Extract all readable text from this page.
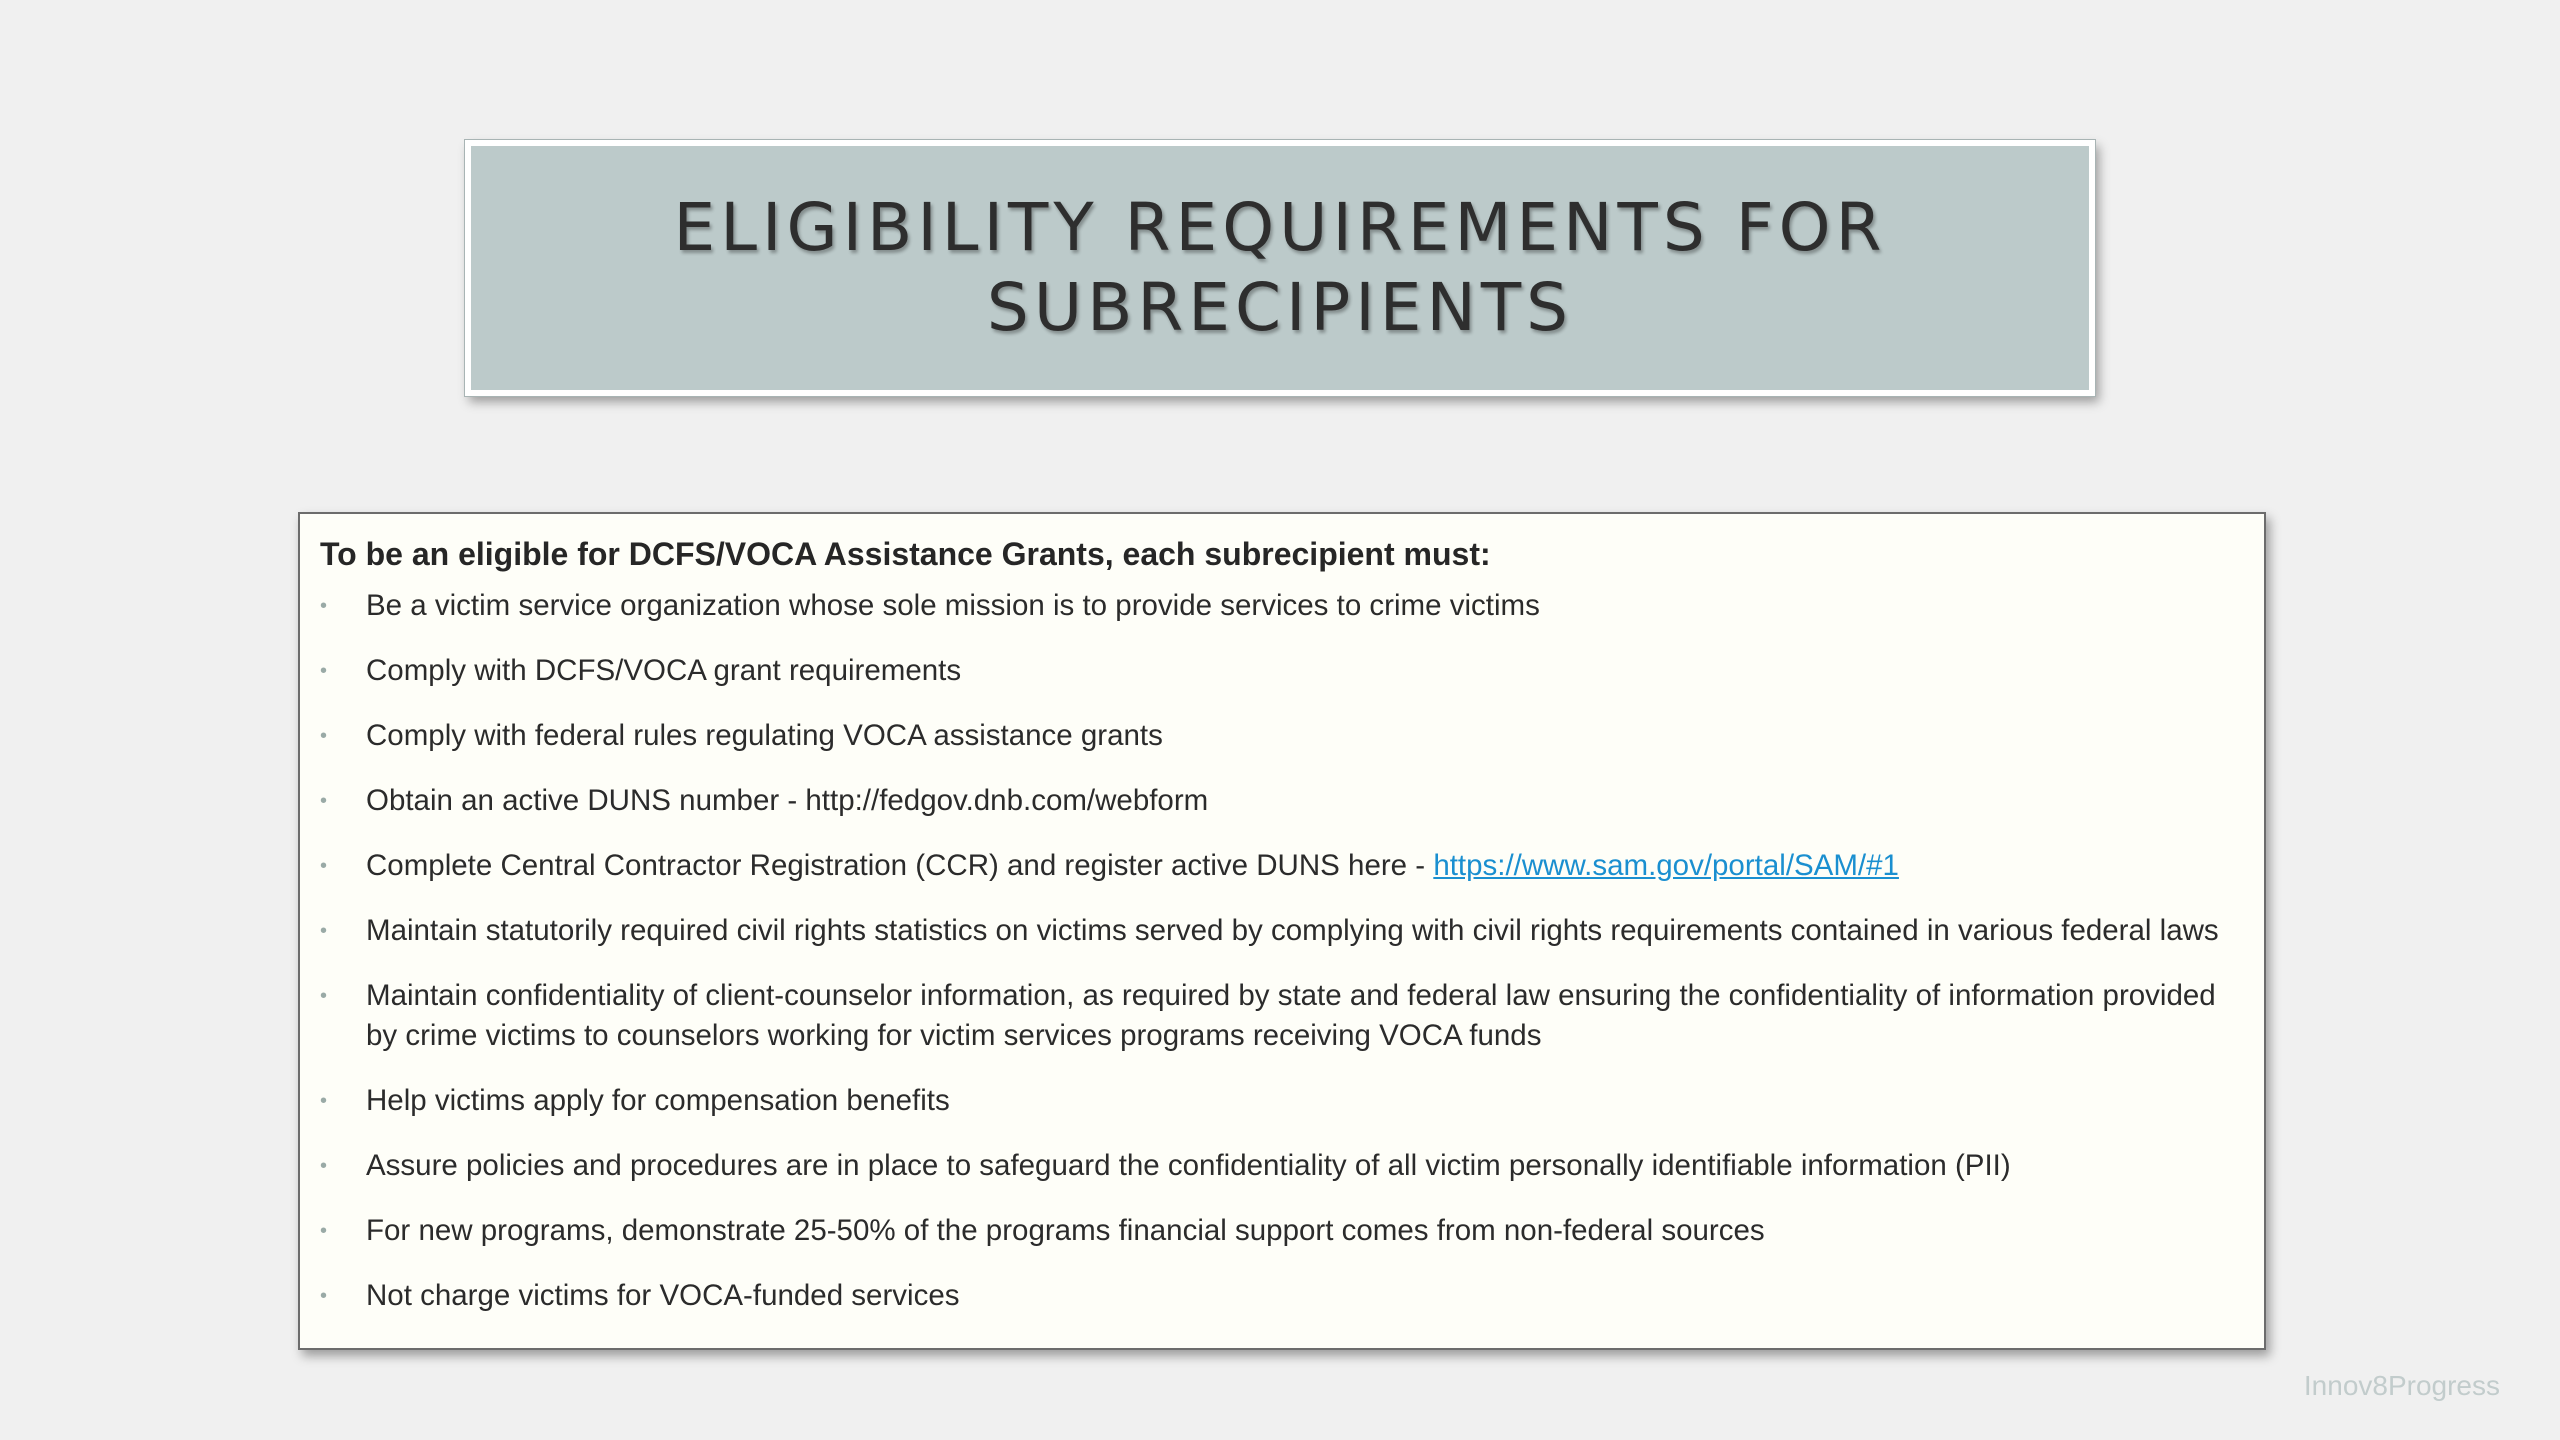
ELIGIBILITY REQUIREMENTS FOR
SUBRECIPIENTS

To be an eligible for DCFS/VOCA Assistance Grants, each subrecipient must:

• Be a victim service organization whose sole mission is to provide services to crime victims
• Comply with DCFS/VOCA grant requirements
• Comply with federal rules regulating VOCA assistance grants
• Obtain an active DUNS number - http://fedgov.dnb.com/webform
• Complete Central Contractor Registration (CCR) and register active DUNS here - https://www.sam.gov/portal/SAM/#1
• Maintain statutorily required civil rights statistics on victims served by complying with civil rights requirements contained in various federal laws
• Maintain confidentiality of client-counselor information, as required by state and federal law ensuring the confidentiality of information provided by crime victims to counselors working for victim services programs receiving VOCA funds
• Help victims apply for compensation benefits
• Assure policies and procedures are in place to safeguard the confidentiality of all victim personally identifiable information (PII)
• For new programs, demonstrate 25-50% of the programs financial support comes from non-federal sources
• Not charge victims for VOCA-funded services
Innov8Progress
